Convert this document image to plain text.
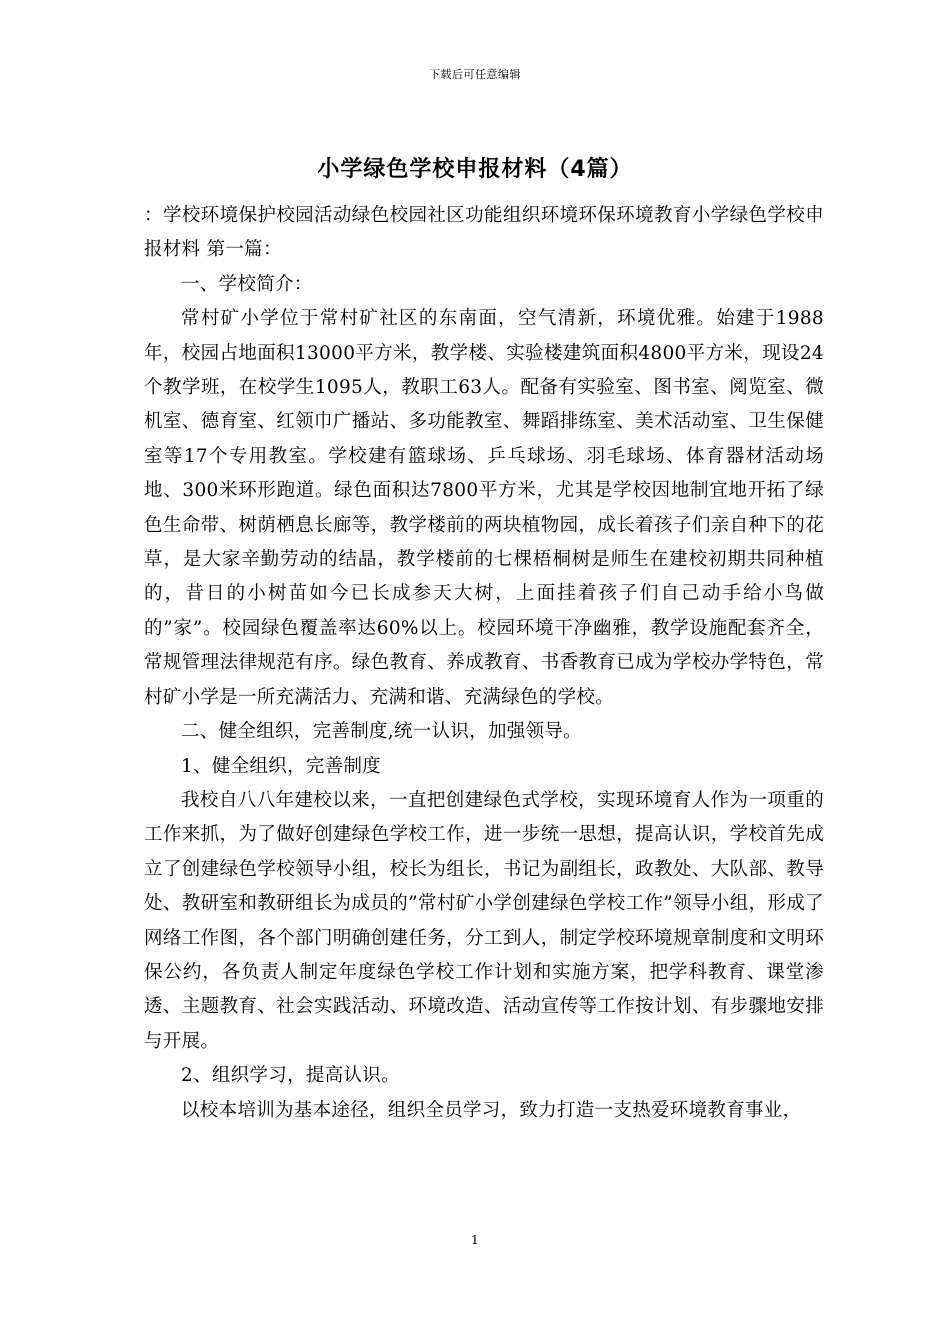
下载后可任意编辑
小学绿色学校申报材料（4篇）

：学校环境保护校园活动绿色校园社区功能组织环境环保环境教育小学绿色学校申报材料 第一篇：

一、学校简介：

常村矿小学位于常村矿社区的东南面，空气清新，环境优雅。始建于1988年，校园占地面积13000平方米，教学楼、实验楼建筑面积4800平方米，现设24个教学班，在校学生1095人，教职工63人。配备有实验室、图书室、阅览室、微机室、德育室、红领巾广播站、多功能教室、舞蹈排练室、美术活动室、卫生保健室等17个专用教室。学校建有篮球场、乒乓球场、羽毛球场、体育器材活动场地、300米环形跑道。绿色面积达7800平方米，尤其是学校因地制宜地开拓了绿色生命带、树荫栖息长廊等，教学楼前的两块植物园，成长着孩子们亲自种下的花草，是大家辛勤劳动的结晶，教学楼前的七棵梧桐树是师生在建校初期共同种植的，昔日的小树苗如今已长成参天大树，上面挂着孩子们自己动手给小鸟做的”家”。校园绿色覆盖率达60%以上。校园环境干净幽雅，教学设施配套齐全，常规管理法律规范有序。绿色教育、养成教育、书香教育已成为学校办学特色，常村矿小学是一所充满活力、充满和谐、充满绿色的学校。

二、健全组织，完善制度,统一认识，加强领导。

1、健全组织，完善制度

我校自八八年建校以来，一直把创建绿色式学校，实现环境育人作为一项重的工作来抓，为了做好创建绿色学校工作，进一步统一思想，提高认识，学校首先成立了创建绿色学校领导小组，校长为组长，书记为副组长，政教处、大队部、教导处、教研室和教研组长为成员的”常村矿小学创建绿色学校工作”领导小组，形成了网络工作图，各个部门明确创建任务，分工到人，制定学校环境规章制度和文明环保公约，各负责人制定年度绿色学校工作计划和实施方案，把学科教育、课堂渗透、主题教育、社会实践活动、环境改造、活动宣传等工作按计划、有步骤地安排与开展。

2、组织学习，提高认识。

以校本培训为基本途径，组织全员学习，致力打造一支热爱环境教育事业，

1
